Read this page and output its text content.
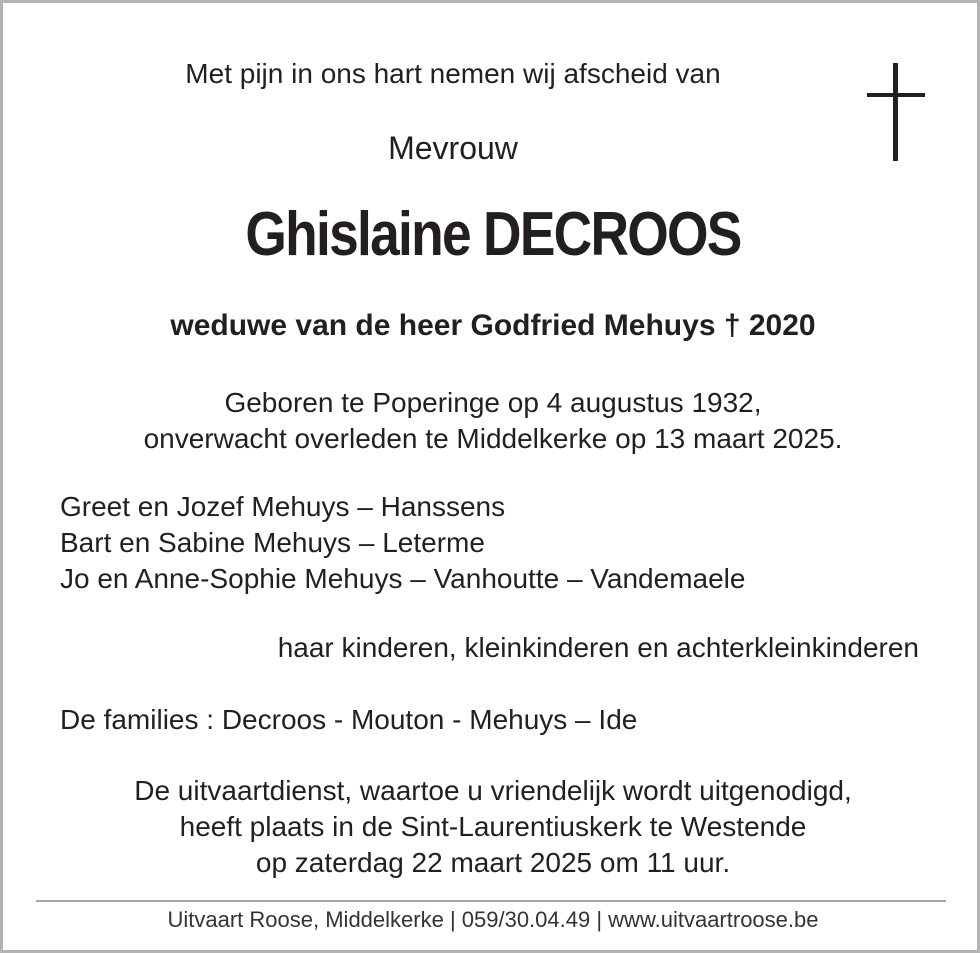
Met pijn in ons hart nemen wij afscheid van
Mevrouw
Ghislaine DECROOS
weduwe van de heer Godfried Mehuys † 2020
Geboren te Poperinge op 4 augustus 1932,
onverwacht overleden te Middelkerke op 13 maart 2025.
Greet en Jozef Mehuys – Hanssens
Bart en Sabine Mehuys – Leterme
Jo en Anne-Sophie Mehuys – Vanhoutte – Vandemaele
haar kinderen, kleinkinderen en achterkleinkinderen
De families : Decroos - Mouton - Mehuys – Ide
De uitvaartdienst, waartoe u vriendelijk wordt uitgenodigd,
heeft plaats in de Sint-Laurentiuskerk te Westende
op zaterdag 22 maart 2025 om 11 uur.
Uitvaart Roose, Middelkerke | 059/30.04.49 | www.uitvaartroose.be
